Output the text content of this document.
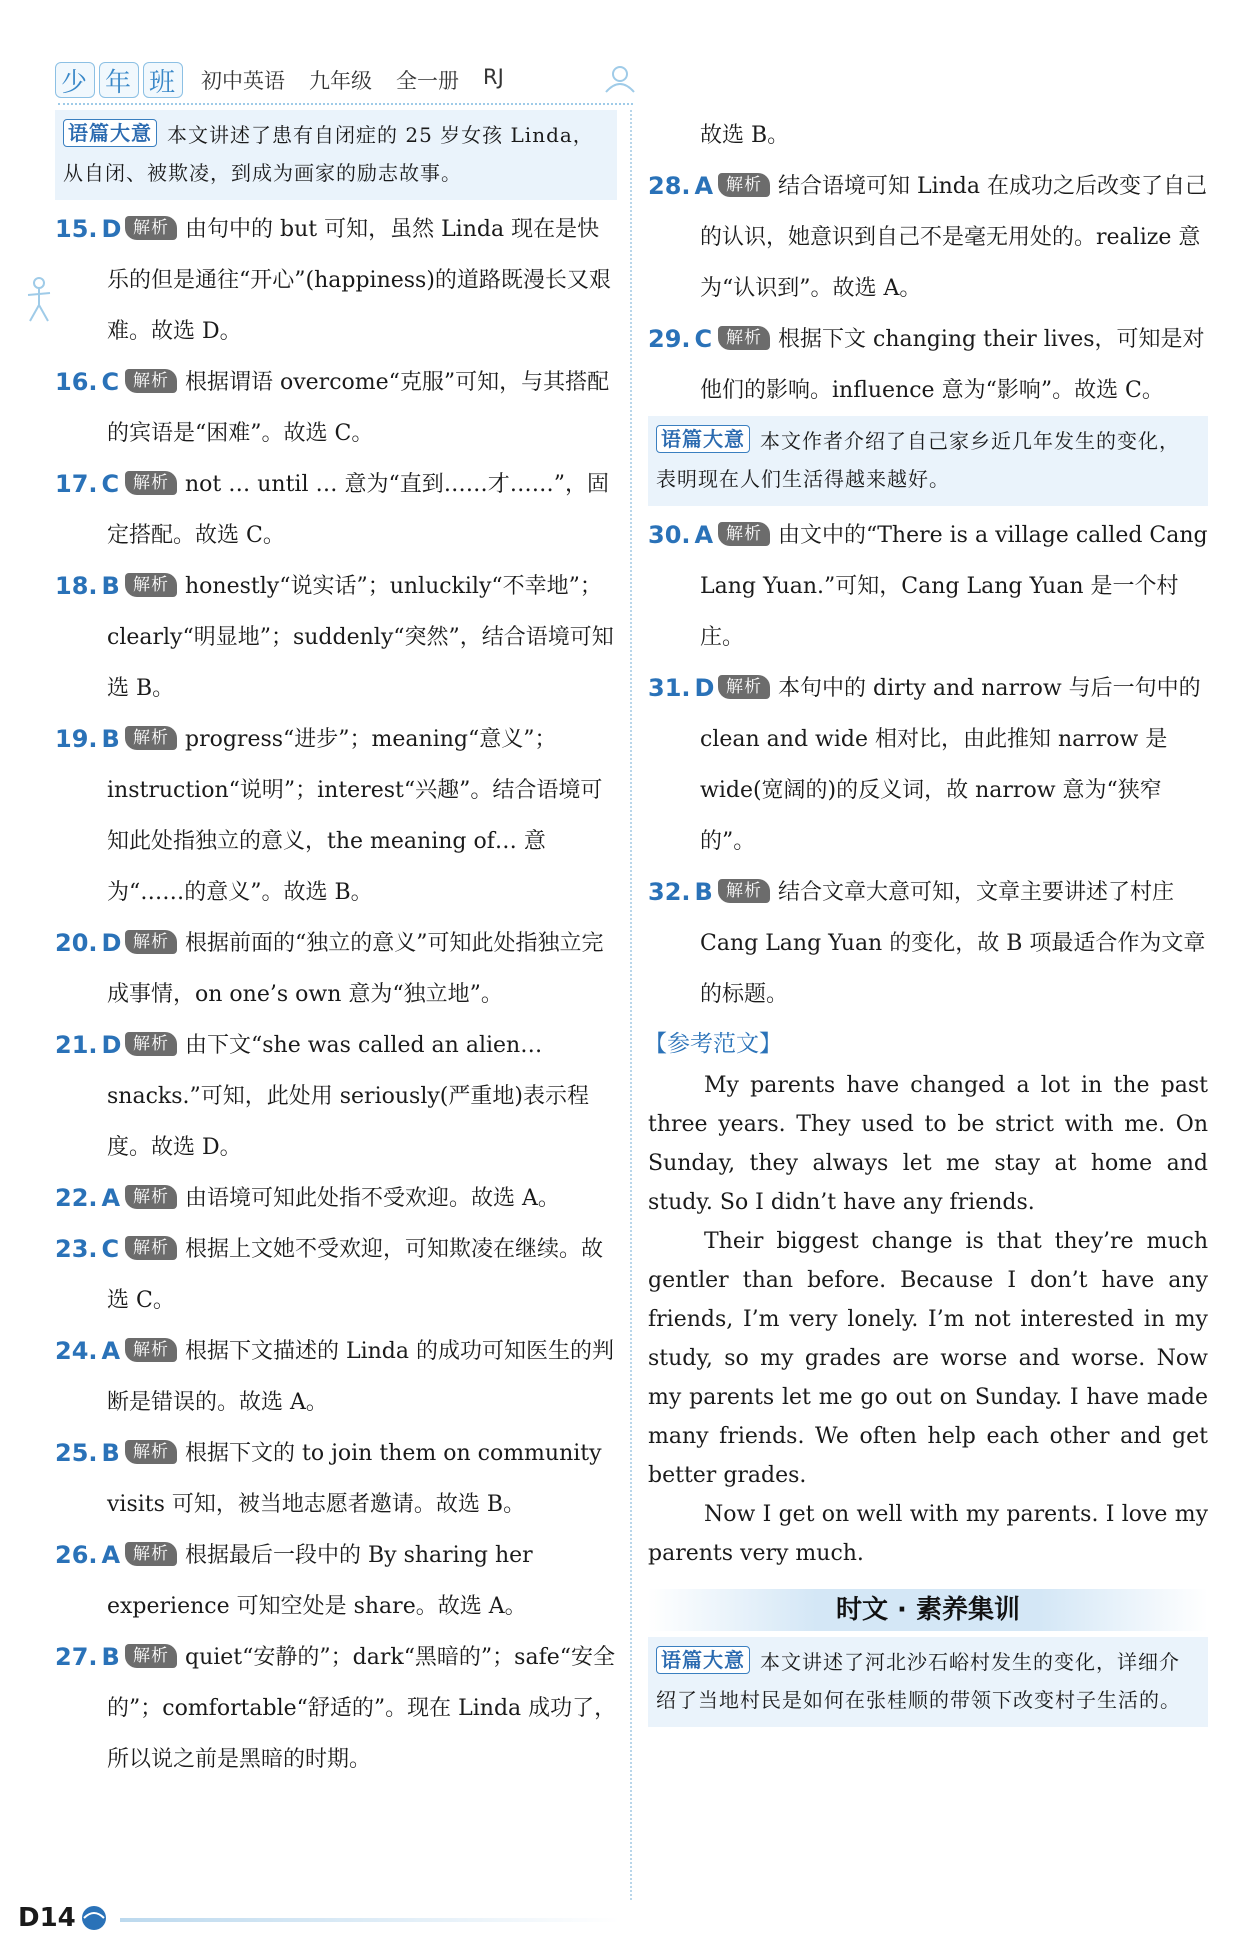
少 年 班 初中英语 九年级 全一册 RJ
语篇大意 本文讲述了患有自闭症的 25 岁女孩 Linda，从自闭、被欺凌，到成为画家的励志故事。
15. D 解析 由句中的 but 可知，虽然 Linda 现在是快乐的但是通往“开心”(happiness)的道路既漫长又艰难。故选 D。
16. C 解析 根据谓语 overcome“克服”可知，与其搭配的宾语是“困难”。故选 C。
17. C 解析 not … until … 意为“直到……才……”，固定搭配。故选 C。
18. B 解析 honestly“说实话”；unluckily“不幸地”；clearly“明显地”；suddenly“突然”，结合语境可知选 B。
19. B 解析 progress“进步”；meaning“意义”；instruction“说明”；interest“兴趣”。结合语境可知此处指独立的意义，the meaning of… 意为“……的意义”。故选 B。
20. D 解析 根据前面的“独立的意义”可知此处指独立完成事情，on one’s own 意为“独立地”。
21. D 解析 由下文“she was called an alien…snacks.”可知，此处用 seriously(严重地)表示程度。故选 D。
22. A 解析 由语境可知此处指不受欢迎。故选 A。
23. C 解析 根据上文她不受欢迎，可知欺凌在继续。故选 C。
24. A 解析 根据下文描述的 Linda 的成功可知医生的判断是错误的。故选 A。
25. B 解析 根据下文的 to join them on community visits 可知，被当地志愿者邀请。故选 B。
26. A 解析 根据最后一段中的 By sharing her experience 可知空处是 share。故选 A。
27. B 解析 quiet“安静的”；dark“黑暗的”；safe“安全的”；comfortable“舒适的”。现在 Linda 成功了，所以说之前是黑暗的时期。
故选 B。
28. A 解析 结合语境可知 Linda 在成功之后改变了自己的认识，她意识到自己不是毫无用处的。realize 意为“认识到”。故选 A。
29. C 解析 根据下文 changing their lives，可知是对他们的影响。influence 意为“影响”。故选 C。
语篇大意 本文作者介绍了自己家乡近几年发生的变化，表明现在人们生活得越来越好。
30. A 解析 由文中的“There is a village called Cang Lang Yuan.”可知，Cang Lang Yuan 是一个村庄。
31. D 解析 本句中的 dirty and narrow 与后一句中的 clean and wide 相对比，由此推知 narrow 是 wide(宽阔的)的反义词，故 narrow 意为“狭窄的”。
32. B 解析 结合文章大意可知，文章主要讲述了村庄 Cang Lang Yuan 的变化，故 B 项最适合作为文章的标题。
【参考范文】

My parents have changed a lot in the past three years. They used to be strict with me. On Sunday, they always let me stay at home and study. So I didn’t have any friends.

Their biggest change is that they’re much gentler than before. Because I don’t have any friends, I’m very lonely. I’m not interested in my study, so my grades are worse and worse. Now my parents let me go out on Sunday. I have made many friends. We often help each other and get better grades.

Now I get on well with my parents. I love my parents very much.

时文 · 素养集训
语篇大意 本文讲述了河北沙石峪村发生的变化，详细介绍了当地村民是如何在张桂顺的带领下改变村子生活的。
D14
